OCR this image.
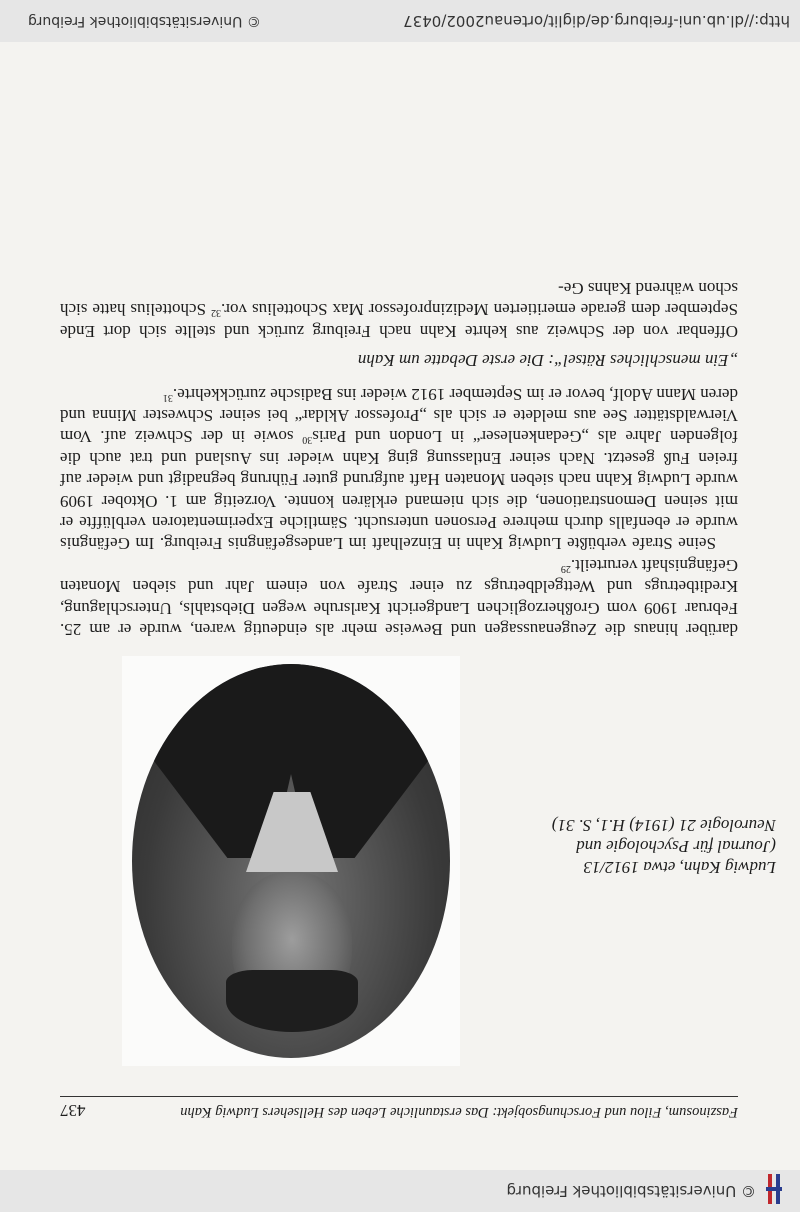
© Universitätsbibliothek Freiburg
Faszinosum, Filou und Forschungsobjekt: Das erstaunliche Leben des Hellsehers Ludwig Kahn
437
Ludwig Kahn, etwa 1912/13
(Journal für Psychologie und
Neurologie 21 (1914) H.1, S. 31)

darüber hinaus die Zeugenaussagen und Beweise mehr als eindeutig waren, wurde er am 25. Februar 1909 vom Großherzoglichen Landgericht Karlsruhe wegen Diebstahls, Unterschlagung, Kreditbetrugs und Wettgeldbetrugs zu einer Strafe von einem Jahr und sieben Monaten Gefängnishaft verurteilt.$^{29}$

Seine Strafe verbüßte Ludwig Kahn in Einzelhaft im Landesgefängnis Freiburg. Im Gefängnis wurde er ebenfalls durch mehrere Personen untersucht. Sämtliche Experimentatoren verblüffte er mit seinen Demonstrationen, die sich niemand erklären konnte. Vorzeitig am 1. Oktober 1909 wurde Ludwig Kahn nach sieben Monaten Haft aufgrund guter Führung begnadigt und wieder auf freien Fuß gesetzt. Nach seiner Entlassung ging Kahn wieder ins Ausland und trat auch die folgenden Jahre als „Gedankenleser“ in London und Paris$^{30}$ sowie in der Schweiz auf. Vom Vierwaldstätter See aus meldete er sich als „Professor Akldar“ bei seiner Schwester Minna und deren Mann Adolf, bevor er im September 1912 wieder ins Badische zurückkehrte.$^{31}$

„Ein menschliches Rätsel“: Die erste Debatte um Kahn

Offenbar von der Schweiz aus kehrte Kahn nach Freiburg zurück und stellte sich dort Ende September dem gerade emeritierten Medizinprofessor Max Schottelius vor.$^{32}$ Schottelius hatte sich schon während Kahns Ge-

http://dl.ub.uni-freiburg.de/diglit/ortenau2002/0437
© Universitätsbibliothek Freiburg
